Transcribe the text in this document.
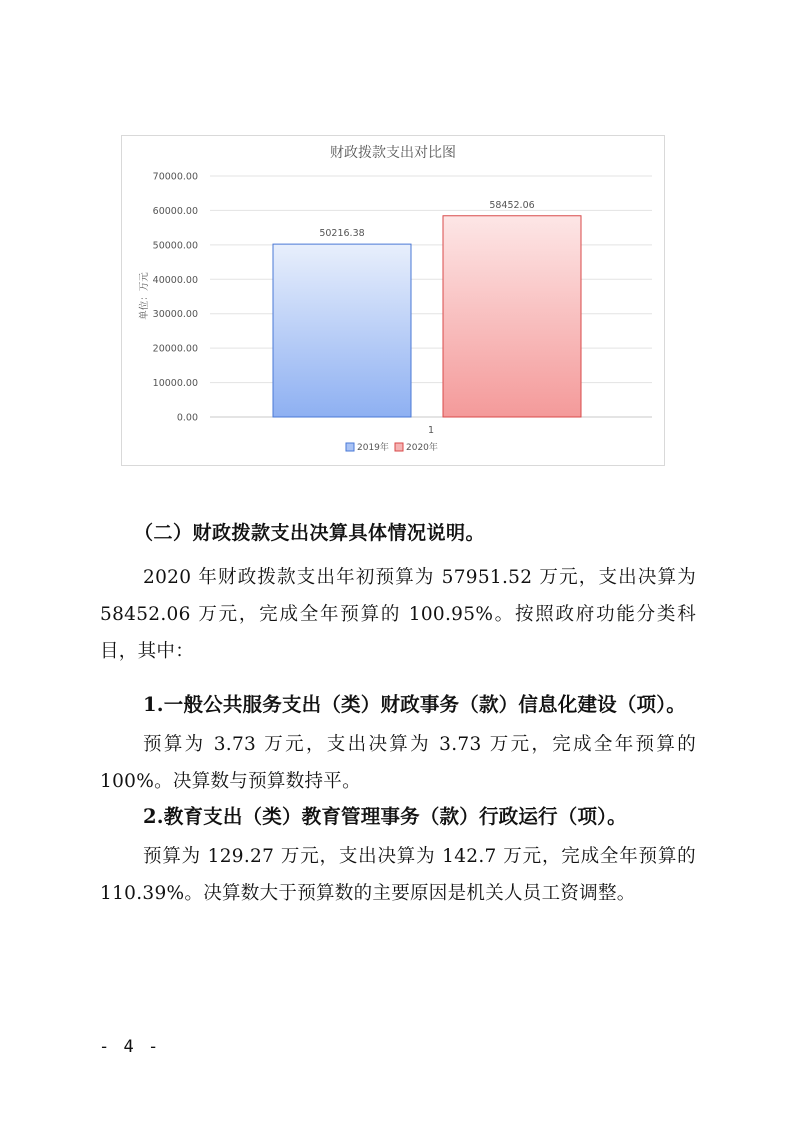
财政拨款支出对比图
单位：万元
0.00
10000.00
20000.00
30000.00
40000.00
50000.00
60000.00
70000.00
1
50216.38
58452.06
2019年 2020年
（二）财政拨款支出决算具体情况说明。
2020 年财政拨款支出年初预算为 57951.52 万元，支出决算为 58452.06 万元，完成全年预算的 100.95%。按照政府功能分类科目，其中：
1.一般公共服务支出（类）财政事务（款）信息化建设（项）。
预算为 3.73 万元，支出决算为 3.73 万元，完成全年预算的 100%。决算数与预算数持平。
2.教育支出（类）教育管理事务（款）行政运行（项）。
预算为 129.27 万元，支出决算为 142.7 万元，完成全年预算的 110.39%。决算数大于预算数的主要原因是机关人员工资调整。
- 4 -
